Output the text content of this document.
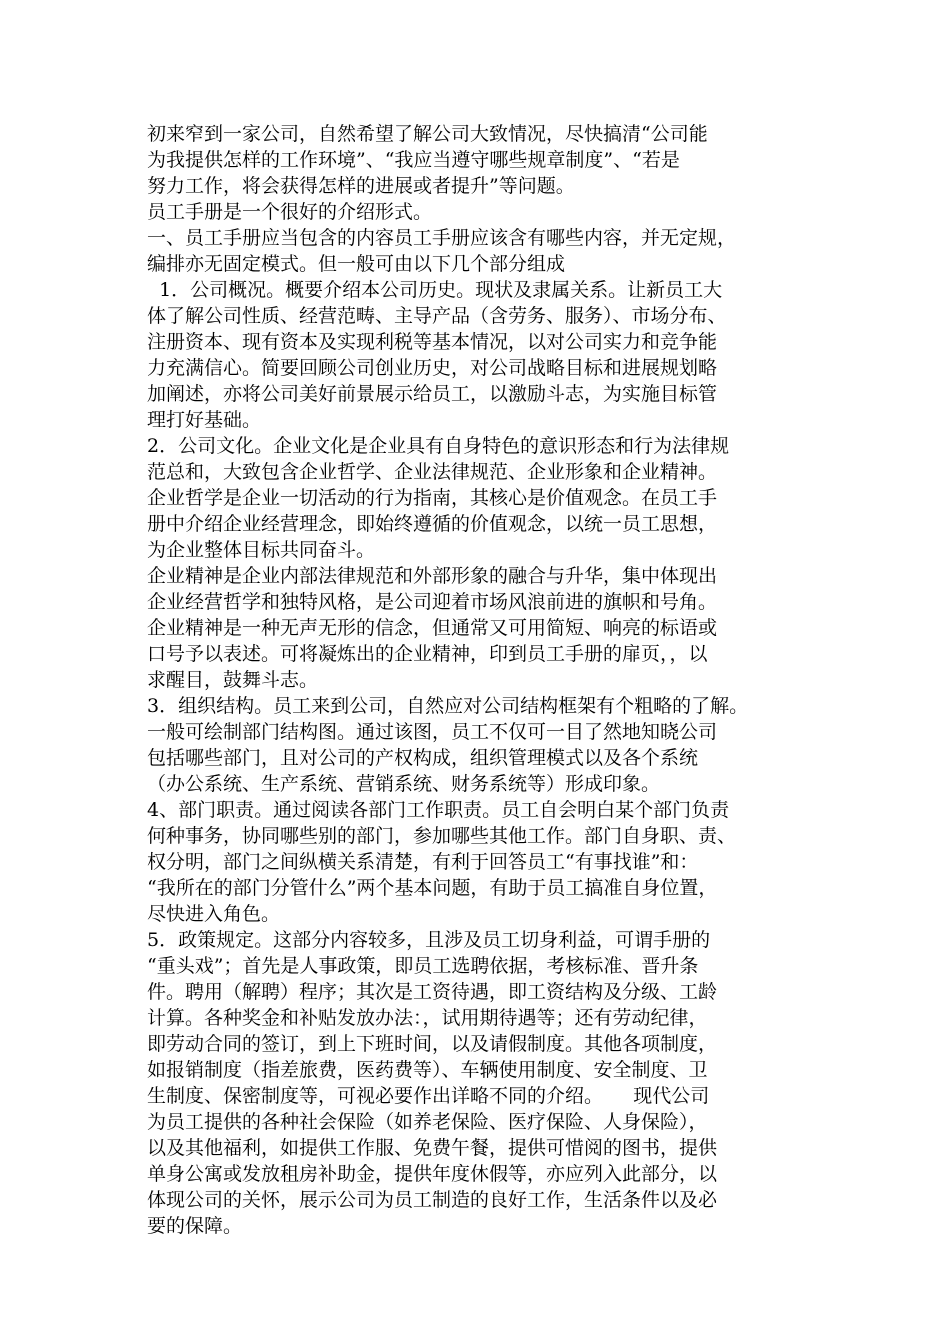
初来窄到一家公司，自然希望了解公司大致情况，尽快搞清“公司能
为我提供怎样的工作环境”、“我应当遵守哪些规章制度”、“若是
努力工作，将会获得怎样的进展或者提升”等问题。
员工手册是一个很好的介绍形式。
一、员工手册应当包含的内容员工手册应该含有哪些内容，并无定规，
编排亦无固定模式。但一般可由以下几个部分组成
1．公司概况。概要介绍本公司历史。现状及隶属关系。让新员工大
体了解公司性质、经营范畴、主导产品（含劳务、服务）、市场分布、
注册资本、现有资本及实现利税等基本情况，以对公司实力和竞争能
力充满信心。简要回顾公司创业历史，对公司战略目标和进展规划略
加阐述，亦将公司美好前景展示给员工，以激励斗志，为实施目标管
理打好基础。
2．公司文化。企业文化是企业具有自身特色的意识形态和行为法律规
范总和，大致包含企业哲学、企业法律规范、企业形象和企业精神。
企业哲学是企业一切活动的行为指南，其核心是价值观念。在员工手
册中介绍企业经营理念，即始终遵循的价值观念，以统一员工思想，
为企业整体目标共同奋斗。
企业精神是企业内部法律规范和外部形象的融合与升华，集中体现出
企业经营哲学和独特风格，是公司迎着市场风浪前进的旗帜和号角。
企业精神是一种无声无形的信念，但通常又可用简短、响亮的标语或
口号予以表述。可将凝炼出的企业精神，印到员工手册的扉页，，以
求醒目，鼓舞斗志。
3．组织结构。员工来到公司，自然应对公司结构框架有个粗略的了解。
一般可绘制部门结构图。通过该图，员工不仅可一目了然地知晓公司
包括哪些部门，且对公司的产权构成，组织管理模式以及各个系统
（办公系统、生产系统、营销系统、财务系统等）形成印象。
4、部门职责。通过阅读各部门工作职责。员工自会明白某个部门负责
何种事务，协同哪些别的部门，参加哪些其他工作。部门自身职、责、
权分明，部门之间纵横关系清楚，有利于回答员工“有事找谁”和：
“我所在的部门分管什么”两个基本问题，有助于员工搞准自身位置，
尽快进入角色。
5．政策规定。这部分内容较多，且涉及员工切身利益，可谓手册的
“重头戏”；首先是人事政策，即员工选聘依据，考核标准、晋升条
件。聘用（解聘）程序；其次是工资待遇，即工资结构及分级、工龄
计算。各种奖金和补贴发放办法：，试用期待遇等；还有劳动纪律，
即劳动合同的签订，到上下班时间，以及请假制度。其他各项制度，
如报销制度（指差旅费，医药费等）、车辆使用制度、安全制度、卫
生制度、保密制度等，可视必要作出详略不同的介绍。     现代公司
为员工提供的各种社会保险（如养老保险、医疗保险、人身保险），
以及其他福利，如提供工作服、免费午餐，提供可惜阅的图书，提供
单身公寓或发放租房补助金，提供年度休假等，亦应列入此部分，以
体现公司的关怀，展示公司为员工制造的良好工作，生活条件以及必
要的保障。
